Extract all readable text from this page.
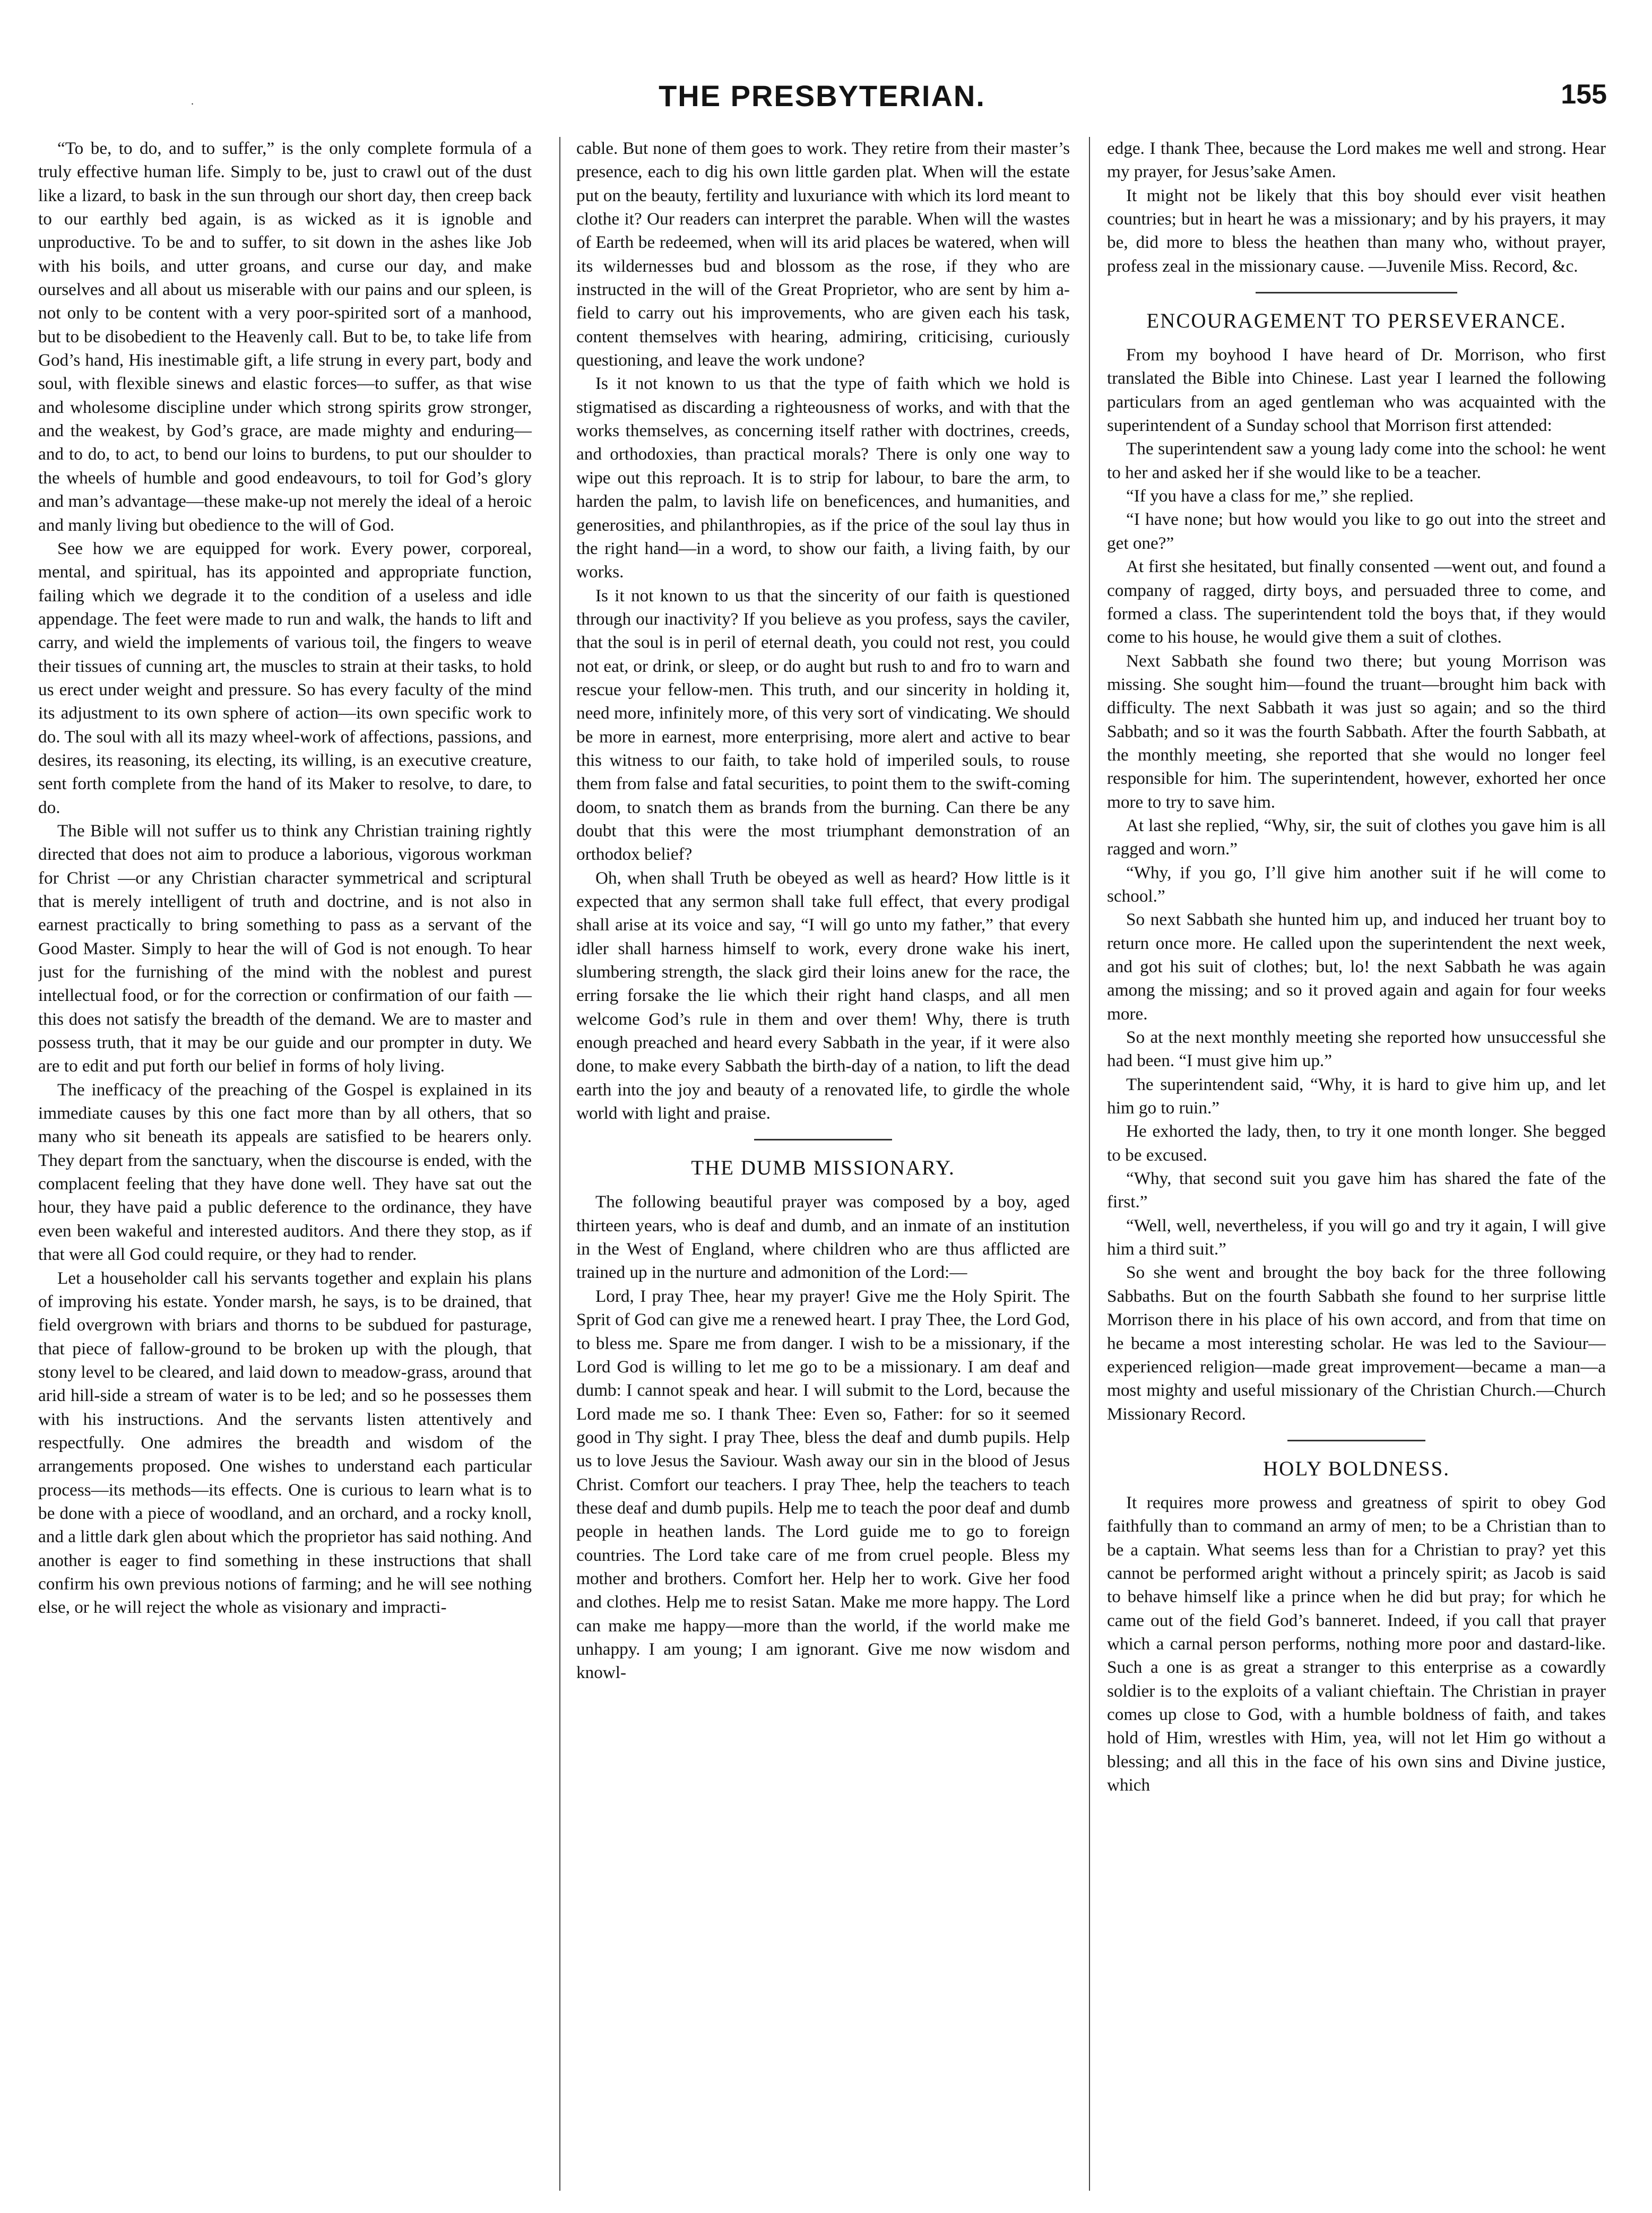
.	THE PRESBYTERIAN.	155

“To be, to do, and to suffer,” is the only complete formula of a truly effective human life. Simply to be, just to crawl out of the dust like a lizard, to bask in the sun through our short day, then creep back to our earthly bed again, is as wicked as it is ignoble and unproductive. To be and to suffer, to sit down in the ashes like Job with his boils, and utter groans, and curse our day, and make ourselves and all about us miserable with our pains and our spleen, is not only to be content with a very poor-spirited sort of a manhood, but to be disobedient to the Heavenly call. But to be, to take life from God’s hand, His inestimable gift, a life strung in every part, body and soul, with flexible sinews and elastic forces—to suffer, as that wise and wholesome discipline under which strong spirits grow stronger, and the weakest, by God’s grace, are made mighty and enduring—and to do, to act, to bend our loins to burdens, to put our shoulder to the wheels of humble and good endeavours, to toil for God’s glory and man’s advantage—these make-up not merely the ideal of a heroic and manly living but obedience to the will of God.

See how we are equipped for work. Every power, corporeal, mental, and spiritual, has its appointed and appropriate function, failing which we degrade it to the condition of a useless and idle appendage. The feet were made to run and walk, the hands to lift and carry, and wield the implements of various toil, the fingers to weave their tissues of cunning art, the muscles to strain at their tasks, to hold us erect under weight and pressure. So has every faculty of the mind its adjustment to its own sphere of action—its own specific work to do. The soul with all its mazy wheel-work of affections, passions, and desires, its reasoning, its electing, its willing, is an executive creature, sent forth complete from the hand of its Maker to resolve, to dare, to do.

The Bible will not suffer us to think any Christian training rightly directed that does not aim to produce a laborious, vigorous workman for Christ —or any Christian character symmetrical and scriptural that is merely intelligent of truth and doctrine, and is not also in earnest practically to bring something to pass as a servant of the Good Master. Simply to hear the will of God is not enough. To hear just for the furnishing of the mind with the noblest and purest intellectual food, or for the correction or confirmation of our faith —this does not satisfy the breadth of the demand. We are to master and possess truth, that it may be our guide and our prompter in duty. We are to edit and put forth our belief in forms of holy living.

The inefficacy of the preaching of the Gospel is explained in its immediate causes by this one fact more than by all others, that so many who sit beneath its appeals are satisfied to be hearers only. They depart from the sanctuary, when the discourse is ended, with the complacent feeling that they have done well. They have sat out the hour, they have paid a public deference to the ordinance, they have even been wakeful and interested auditors. And there they stop, as if that were all God could require, or they had to render.

Let a householder call his servants together and explain his plans of improving his estate. Yonder marsh, he says, is to be drained, that field overgrown with briars and thorns to be subdued for pasturage, that piece of fallow-ground to be broken up with the plough, that stony level to be cleared, and laid down to meadow-grass, around that arid hill-side a stream of water is to be led; and so he possesses them with his instructions. And the servants listen attentively and respectfully. One admires the breadth and wisdom of the arrangements proposed. One wishes to understand each particular process—its methods—its effects. One is curious to learn what is to be done with a piece of woodland, and an orchard, and a rocky knoll, and a little dark glen about which the proprietor has said nothing. And another is eager to find something in these instructions that shall confirm his own previous notions of farming; and he will see nothing else, or he will reject the whole as visionary and impracti-

cable. But none of them goes to work. They retire from their master’s presence, each to dig his own little garden plat. When will the estate put on the beauty, fertility and luxuriance with which its lord meant to clothe it? Our readers can interpret the parable. When will the wastes of Earth be redeemed, when will its arid places be watered, when will its wildernesses bud and blossom as the rose, if they who are instructed in the will of the Great Proprietor, who are sent by him a-field to carry out his improvements, who are given each his task, content themselves with hearing, admiring, criticising, curiously questioning, and leave the work undone?

Is it not known to us that the type of faith which we hold is stigmatised as discarding a righteousness of works, and with that the works themselves, as concerning itself rather with doctrines, creeds, and orthodoxies, than practical morals? There is only one way to wipe out this reproach. It is to strip for labour, to bare the arm, to harden the palm, to lavish life on beneficences, and humanities, and generosities, and philanthropies, as if the price of the soul lay thus in the right hand—in a word, to show our faith, a living faith, by our works.

Is it not known to us that the sincerity of our faith is questioned through our inactivity? If you believe as you profess, says the caviler, that the soul is in peril of eternal death, you could not rest, you could not eat, or drink, or sleep, or do aught but rush to and fro to warn and rescue your fellow-men. This truth, and our sincerity in holding it, need more, infinitely more, of this very sort of vindicating. We should be more in earnest, more enterprising, more alert and active to bear this witness to our faith, to take hold of imperiled souls, to rouse them from false and fatal securities, to point them to the swift-coming doom, to snatch them as brands from the burning. Can there be any doubt that this were the most triumphant demonstration of an orthodox belief?

Oh, when shall Truth be obeyed as well as heard? How little is it expected that any sermon shall take full effect, that every prodigal shall arise at its voice and say, “I will go unto my father,” that every idler shall harness himself to work, every drone wake his inert, slumbering strength, the slack gird their loins anew for the race, the erring forsake the lie which their right hand clasps, and all men welcome God’s rule in them and over them! Why, there is truth enough preached and heard every Sabbath in the year, if it were also done, to make every Sabbath the birth-day of a nation, to lift the dead earth into the joy and beauty of a renovated life, to girdle the whole world with light and praise.

THE DUMB MISSIONARY.

The following beautiful prayer was composed by a boy, aged thirteen years, who is deaf and dumb, and an inmate of an institution in the West of England, where children who are thus afflicted are trained up in the nurture and admonition of the Lord:—

Lord, I pray Thee, hear my prayer! Give me the Holy Spirit. The Sprit of God can give me a renewed heart. I pray Thee, the Lord God, to bless me. Spare me from danger. I wish to be a missionary, if the Lord God is willing to let me go to be a missionary. I am deaf and dumb: I cannot speak and hear. I will submit to the Lord, because the Lord made me so. I thank Thee: Even so, Father: for so it seemed good in Thy sight. I pray Thee, bless the deaf and dumb pupils. Help us to love Jesus the Saviour. Wash away our sin in the blood of Jesus Christ. Comfort our teachers. I pray Thee, help the teachers to teach these deaf and dumb pupils. Help me to teach the poor deaf and dumb people in heathen lands. The Lord guide me to go to foreign countries. The Lord take care of me from cruel people. Bless my mother and brothers. Comfort her. Help her to work. Give her food and clothes. Help me to resist Satan. Make me more happy. The Lord can make me happy—more than the world, if the world make me unhappy. I am young; I am ignorant. Give me now wisdom and knowl-

edge. I thank Thee, because the Lord makes me well and strong. Hear my prayer, for Jesus’sake Amen.

It might not be likely that this boy should ever visit heathen countries; but in heart he was a missionary; and by his prayers, it may be, did more to bless the heathen than many who, without prayer, profess zeal in the missionary cause. —Juvenile Miss. Record, &c.

ENCOURAGEMENT TO PERSEVERANCE.

From my boyhood I have heard of Dr. Morrison, who first translated the Bible into Chinese. Last year I learned the following particulars from an aged gentleman who was acquainted with the superintendent of a Sunday school that Morrison first attended:

The superintendent saw a young lady come into the school: he went to her and asked her if she would like to be a teacher.

“If you have a class for me,” she replied.

“I have none; but how would you like to go out into the street and get one?”

At first she hesitated, but finally consented —went out, and found a company of ragged, dirty boys, and persuaded three to come, and formed a class. The superintendent told the boys that, if they would come to his house, he would give them a suit of clothes.

Next Sabbath she found two there; but young Morrison was missing. She sought him—found the truant—brought him back with difficulty. The next Sabbath it was just so again; and so the third Sabbath; and so it was the fourth Sabbath. After the fourth Sabbath, at the monthly meeting, she reported that she would no longer feel responsible for him. The superintendent, however, exhorted her once more to try to save him.

At last she replied, “Why, sir, the suit of clothes you gave him is all ragged and worn.”

“Why, if you go, I’ll give him another suit if he will come to school.”

So next Sabbath she hunted him up, and induced her truant boy to return once more. He called upon the superintendent the next week, and got his suit of clothes; but, lo! the next Sabbath he was again among the missing; and so it proved again and again for four weeks more.

So at the next monthly meeting she reported how unsuccessful she had been. “I must give him up.”

The superintendent said, “Why, it is hard to give him up, and let him go to ruin.”

He exhorted the lady, then, to try it one month longer. She begged to be excused.

“Why, that second suit you gave him has shared the fate of the first.”

“Well, well, nevertheless, if you will go and try it again, I will give him a third suit.”

So she went and brought the boy back for the three following Sabbaths. But on the fourth Sabbath she found to her surprise little Morrison there in his place of his own accord, and from that time on he became a most interesting scholar. He was led to the Saviour—experienced religion—made great improvement—became a man—a most mighty and useful missionary of the Christian Church.—Church Missionary Record.

HOLY BOLDNESS.

It requires more prowess and greatness of spirit to obey God faithfully than to command an army of men; to be a Christian than to be a captain. What seems less than for a Christian to pray? yet this cannot be performed aright without a princely spirit; as Jacob is said to behave himself like a prince when he did but pray; for which he came out of the field God’s banneret. Indeed, if you call that prayer which a carnal person performs, nothing more poor and dastard-like. Such a one is as great a stranger to this enterprise as a cowardly soldier is to the exploits of a valiant chieftain. The Christian in prayer comes up close to God, with a humble boldness of faith, and takes hold of Him, wrestles with Him, yea, will not let Him go without a blessing; and all this in the face of his own sins and Divine justice, which
